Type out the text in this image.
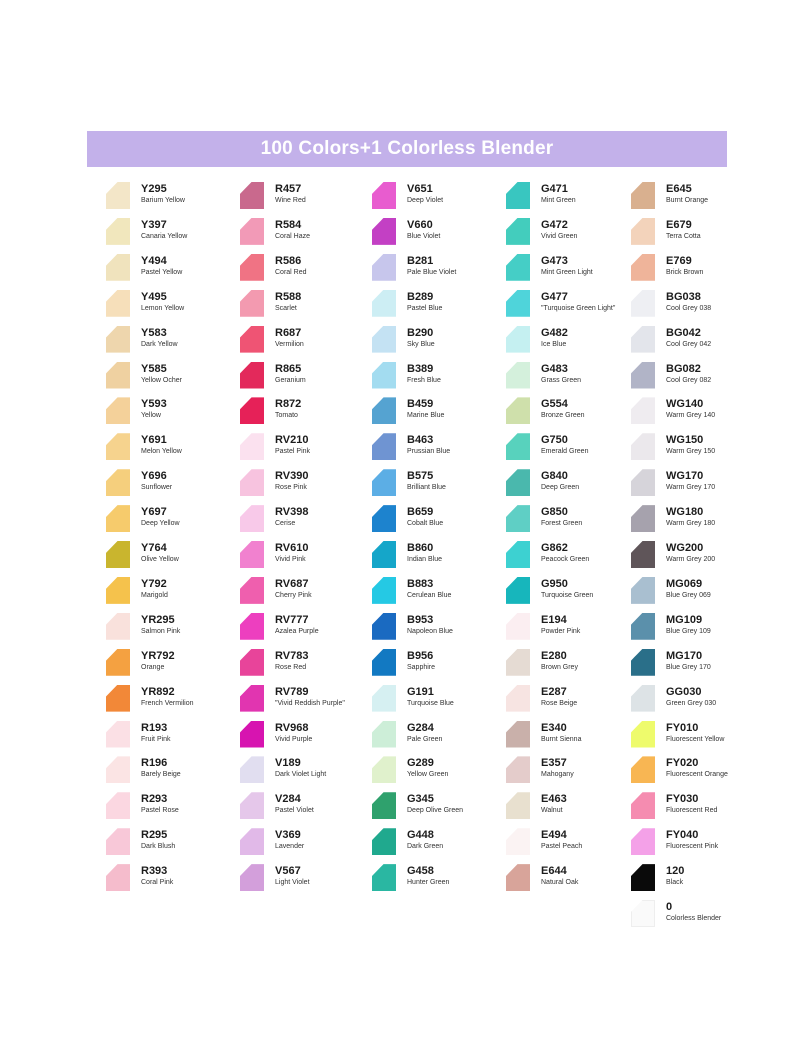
100 Colors+1 Colorless Blender
Y295
Barium Yellow
Y397
Canaria Yellow
Y494
Pastel Yellow
Y495
Lemon Yellow
Y583
Dark Yellow
Y585
Yellow Ocher
Y593
Yellow
Y691
Melon Yellow
Y696
Sunflower
Y697
Deep Yellow
Y764
Olive Yellow
Y792
Marigold
YR295
Salmon Pink
YR792
Orange
YR892
French Vermilion
R193
Fruit Pink
R196
Barely Beige
R293
Pastel Rose
R295
Dark Blush
R393
Coral Pink
R457
Wine Red
R584
Coral Haze
R586
Coral Red
R588
Scarlet
R687
Vermilion
R865
Geranium
R872
Tomato
RV210
Pastel Pink
RV390
Rose Pink
RV398
Cerise
RV610
Vivid Pink
RV687
Cherry Pink
RV777
Azalea Purple
RV783
Rose Red
RV789
"Vivid Reddish Purple"
RV968
Vivid Purple
V189
Dark Violet Light
V284
Pastel Violet
V369
Lavender
V567
Light Violet
V651
Deep Violet
V660
Blue Violet
B281
Pale Blue Violet
B289
Pastel Blue
B290
Sky Blue
B389
Fresh Blue
B459
Marine Blue
B463
Prussian Blue
B575
Brilliant Blue
B659
Cobalt Blue
B860
Indian Blue
B883
Cerulean Blue
B953
Napoleon Blue
B956
Sapphire
G191
Turquoise Blue
G284
Pale Green
G289
Yellow Green
G345
Deep Olive Green
G448
Dark Green
G458
Hunter Green
G471
Mint Green
G472
Vivid Green
G473
Mint Green Light
G477
"Turquoise Green Light"
G482
Ice Blue
G483
Grass Green
G554
Bronze Green
G750
Emerald Green
G840
Deep Green
G850
Forest Green
G862
Peacock Green
G950
Turquoise Green
E194
Powder Pink
E280
Brown Grey
E287
Rose Beige
E340
Burnt Sienna
E357
Mahogany
E463
Walnut
E494
Pastel Peach
E644
Natural Oak
E645
Burnt Orange
E679
Terra Cotta
E769
Brick Brown
BG038
Cool Grey 038
BG042
Cool Grey 042
BG082
Cool Grey 082
WG140
Warm Grey 140
WG150
Warm Grey 150
WG170
Warm Grey 170
WG180
Warm Grey 180
WG200
Warm Grey 200
MG069
Blue Grey 069
MG109
Blue Grey 109
MG170
Blue Grey 170
GG030
Green Grey 030
FY010
Fluorescent Yellow
FY020
Fluorescent Orange
FY030
Fluorescent Red
FY040
Fluorescent Pink
120
Black
0
Colorless Blender
